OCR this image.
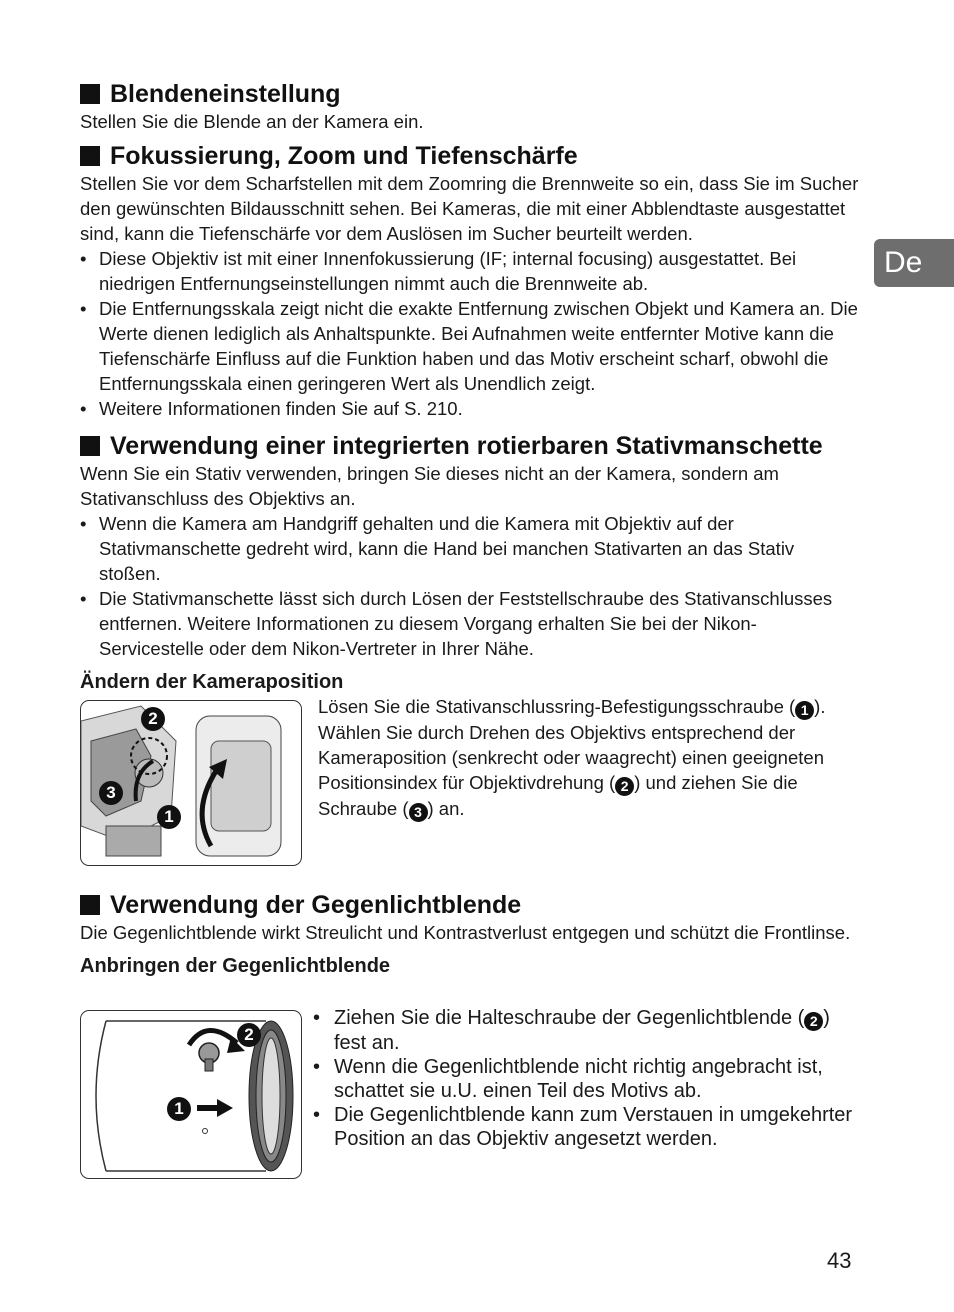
De
Blendeneinstellung

Stellen Sie die Blende an der Kamera ein.

Fokussierung, Zoom und Tiefenschärfe

Stellen Sie vor dem Scharfstellen mit dem Zoomring die Brennweite so ein, dass Sie im Sucher den gewünschten Bildausschnitt sehen. Bei Kameras, die mit einer Abblendtaste ausgestattet sind, kann die Tiefenschärfe vor dem Auslösen im Sucher beurteilt werden.

• Diese Objektiv ist mit einer Innenfokussierung (IF; internal focusing) ausgestattet. Bei niedrigen Entfernungseinstellungen nimmt auch die Brennweite ab.
• Die Entfernungsskala zeigt nicht die exakte Entfernung zwischen Objekt und Kamera an. Die Werte dienen lediglich als Anhaltspunkte. Bei Aufnahmen weite entfernter Motive kann die Tiefenschärfe Einfluss auf die Funktion haben und das Motiv erscheint scharf, obwohl die Entfernungsskala einen geringeren Wert als Unendlich zeigt.
• Weitere Informationen finden Sie auf S. 210.
Verwendung einer integrierten rotierbaren Stativmanschette

Wenn Sie ein Stativ verwenden, bringen Sie dieses nicht an der Kamera, sondern am Stativanschluss des Objektivs an.

• Wenn die Kamera am Handgriff gehalten und die Kamera mit Objektiv auf der Stativmanschette gedreht wird, kann die Hand bei manchen Stativarten an das Stativ stoßen.
• Die Stativmanschette lässt sich durch Lösen der Feststellschraube des Stativanschlusses entfernen. Weitere Informationen zu diesem Vorgang erhalten Sie bei der Nikon-Servicestelle oder dem Nikon-Vertreter in Ihrer Nähe.
Ändern der Kameraposition
2
3
1

Lösen Sie die Stativanschlussring-Befestigungsschraube ( 1 ). Wählen Sie durch Drehen des Objektivs entsprechend der Kameraposition (senkrecht oder waagrecht) einen geeigneten Positionsindex für Objektivdrehung ( 2 ) und ziehen Sie die Schraube ( 3 ) an.

Verwendung der Gegenlichtblende

Die Gegenlichtblende wirkt Streulicht und Kontrastverlust entgegen und schützt die Frontlinse.

Anbringen der Gegenlichtblende
2
1
• Ziehen Sie die Halteschraube der Gegenlichtblende ( 2 ) fest an.
• Wenn die Gegenlichtblende nicht richtig angebracht ist, schattet sie u.U. einen Teil des Motivs ab.
• Die Gegenlichtblende kann zum Verstauen in umgekehrter Position an das Objektiv angesetzt werden.
43
